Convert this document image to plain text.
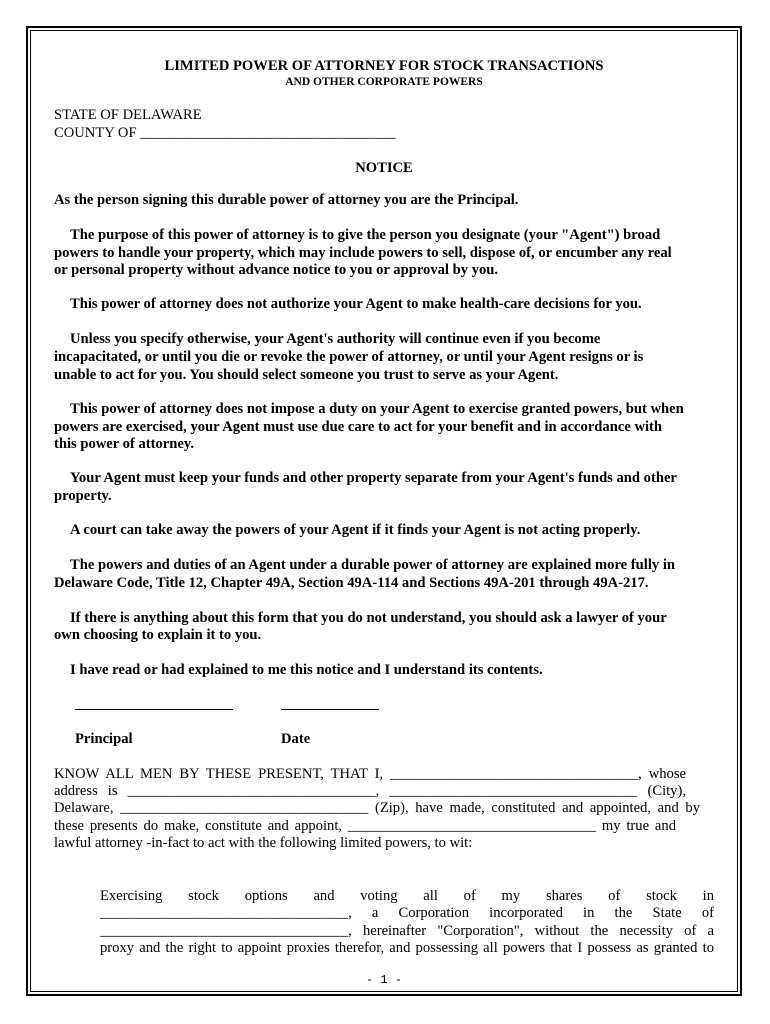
LIMITED POWER OF ATTORNEY FOR STOCK TRANSACTIONS
AND OTHER CORPORATE POWERS
STATE OF DELAWARE
COUNTY OF ___________________________________
NOTICE
As the person signing this durable power of attorney you are the Principal.
The purpose of this power of attorney is to give the person you designate (your "Agent") broad
powers to handle your property, which may include powers to sell, dispose of, or encumber any real
or personal property without advance notice to you or approval by you.
This power of attorney does not authorize your Agent to make health-care decisions for you.
Unless you specify otherwise, your Agent's authority will continue even if you become
incapacitated, or until you die or revoke the power of attorney, or until your Agent resigns or is
unable to act for you. You should select someone you trust to serve as your Agent.
This power of attorney does not impose a duty on your Agent to exercise granted powers, but when
powers are exercised, your Agent must use due care to act for your benefit and in accordance with
this power of attorney.
Your Agent must keep your funds and other property separate from your Agent's funds and other
property.
A court can take away the powers of your Agent if it finds your Agent is not acting properly.
The powers and duties of an Agent under a durable power of attorney are explained more fully in
Delaware Code, Title 12, Chapter 49A, Section 49A-114 and Sections 49A-201 through 49A-217.
If there is anything about this form that you do not understand, you should ask a lawyer of your
own choosing to explain it to you.
I have read or had explained to me this notice and I understand its contents.
Principal	Date
KNOW ALL MEN BY THESE PRESENT, THAT I, __________________________________, whose
address is __________________________________, __________________________________ (City),
Delaware, __________________________________ (Zip), have made, constituted and appointed, and by
these presents do make, constitute and appoint, __________________________________ my true and
lawful attorney -in-fact to act with the following limited powers, to wit:
Exercising stock options and voting all of my shares of stock in
__________________________________, a Corporation incorporated in the State of
__________________________________, hereinafter "Corporation", without the necessity of a
proxy and the right to appoint proxies therefor, and possessing all powers that I possess as granted to
- 1 -
